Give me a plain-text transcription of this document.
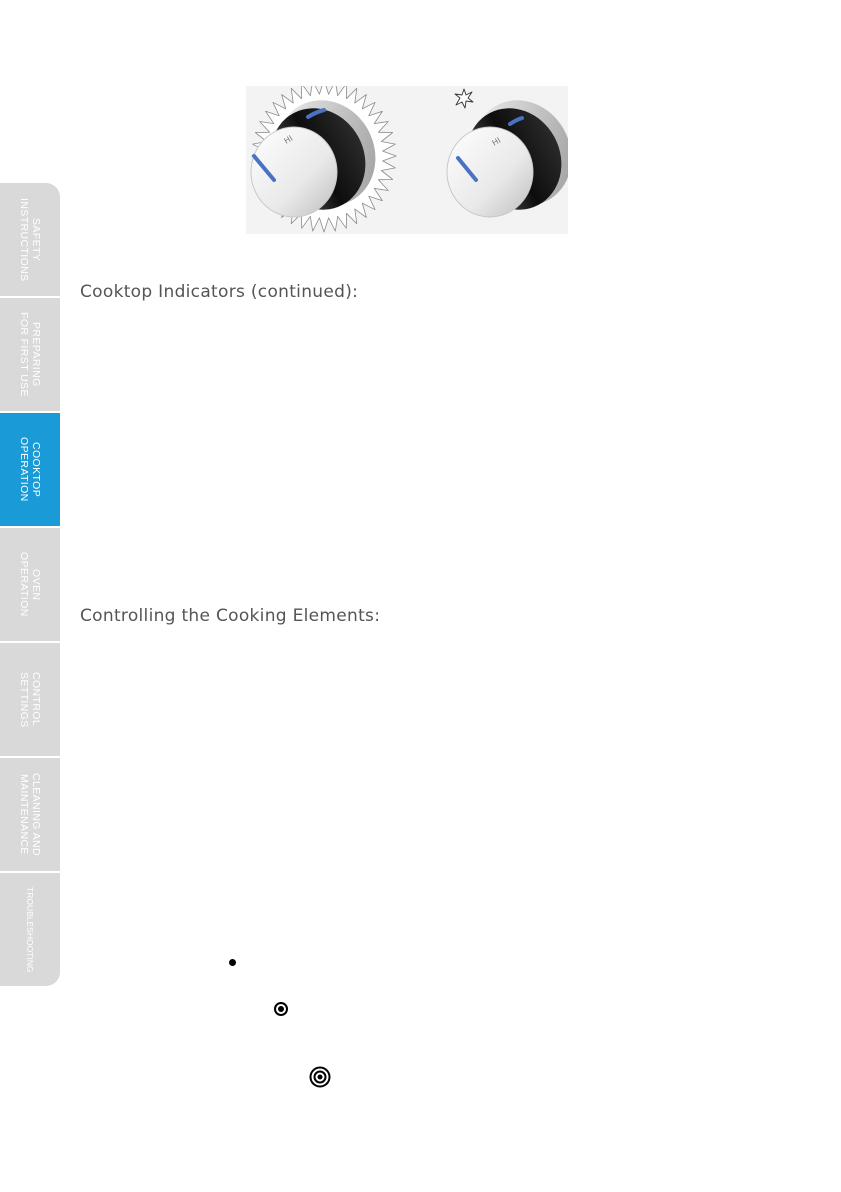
SAFETY
INSTRUCTIONS
PREPARING
FOR FIRST USE
COOKTOP
OPERATION
OVEN
OPERATION
CONTROL
SETTINGS
CLEANING AND
MAINTENANCE
TROUBLESHOOTING
HI	HI
Cooktop Indicators (continued):
Controlling the Cooking Elements:
